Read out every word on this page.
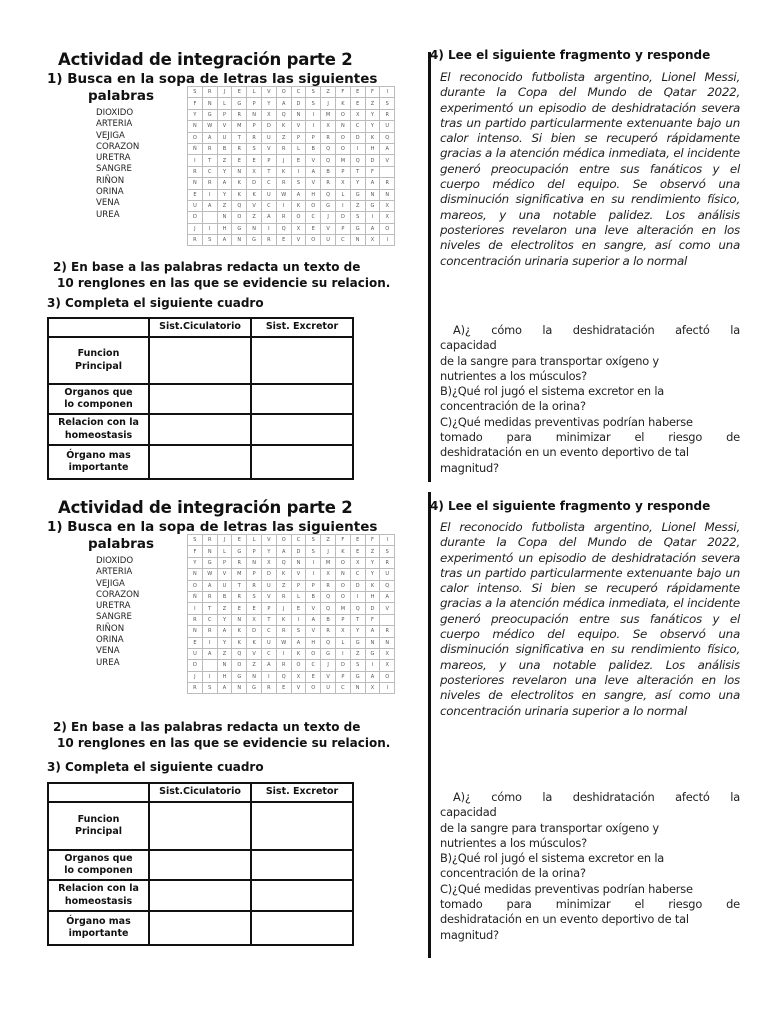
Actividad de integración parte 2
1) Busca en la sopa de letras las siguientes
palabras
DIOXIDO
ARTERIA
VEJIGA
CORAZON
URETRA
SANGRE
RIÑON
ORINA
VENA
UREA
S	R	J	E	L	V	O	C	S	Z	F	E	F	I
F	N	L	G	P	Y	A	D	S	J	K	E	Z	S
Y	G	P	R	N	X	Q	N	I	M	O	X	Y	R
N	W	V	M	P	D	K	V	I	X	N	C	Y	U
O	A	U	T	R	U	Z	P	P	R	O	D	K	Q
Ñ	R	B	R	S	V	R	L	B	Q	O	I	H	A
I	T	Z	E	E	P	J	E	V	Q	M	Q	D	V
R	C	Y	N	X	T	K	I	A	B	P	T	F	
N	R	A	K	D	C	R	S	V	R	X	Y	A	R
E	I	Y	K	K	U	W	A	H	Q	L	G	N	N
U	A	Z	Q	V	C	I	K	O	G	I	Z	G	X
D		N	O	Z	A	R	O	C	J	D	S	I	X
J	I	H	G	N	I	Q	X	E	V	P	G	A	O
R	S	A	N	G	R	E	V	O	U	C	N	X	I
2) En base a las palabras redacta un texto de
10 renglones en las que se evidencie su relacion.
3) Completa el siguiente cuadro
	Sist.Ciculatorio	Sist. Excretor
Funcion Principal		
Organos que lo componen		
Relacion con la homeostasis		
Órgano mas importante		
4) Lee el siguiente fragmento y responde
El reconocido futbolista argentino, Lionel Messi, durante la Copa del Mundo de Qatar 2022, experimentó un episodio de deshidratación severa tras un partido particularmente extenuante bajo un calor intenso. Si bien se recuperó rápidamente gracias a la atención médica inmediata, el incidente generó preocupación entre sus fanáticos y el cuerpo médico del equipo. Se observó una disminución significativa en su rendimiento físico, mareos, y una notable palidez. Los análisis posteriores revelaron una leve alteración en los niveles de electrolitos en sangre, así como una concentración urinaria superior a lo normal
A)¿ cómo la deshidratación afectó la
capacidad
de la sangre para transportar oxígeno y
nutrientes a los músculos?
B)¿Qué rol jugó el sistema excretor en la
concentración de la orina?
C)¿Qué medidas preventivas podrían haberse
tomado para minimizar el riesgo de
deshidratación en un evento deportivo de tal
magnitud?
Actividad de integración parte 2
1) Busca en la sopa de letras las siguientes
palabras
DIOXIDO
ARTERIA
VEJIGA
CORAZON
URETRA
SANGRE
RIÑON
ORINA
VENA
UREA
S	R	J	E	L	V	O	C	S	Z	F	E	F	I
F	N	L	G	P	Y	A	D	S	J	K	E	Z	S
Y	G	P	R	N	X	Q	N	I	M	O	X	Y	R
N	W	V	M	P	D	K	V	I	X	N	C	Y	U
O	A	U	T	R	U	Z	P	P	R	O	D	K	Q
Ñ	R	B	R	S	V	R	L	B	Q	O	I	H	A
I	T	Z	E	E	P	J	E	V	Q	M	Q	D	V
R	C	Y	N	X	T	K	I	A	B	P	T	F	
N	R	A	K	D	C	R	S	V	R	X	Y	A	R
E	I	Y	K	K	U	W	A	H	Q	L	G	N	N
U	A	Z	Q	V	C	I	K	O	G	I	Z	G	X
D		N	O	Z	A	R	O	C	J	D	S	I	X
J	I	H	G	N	I	Q	X	E	V	P	G	A	O
R	S	A	N	G	R	E	V	O	U	C	N	X	I
2) En base a las palabras redacta un texto de
10 renglones en las que se evidencie su relacion.
3) Completa el siguiente cuadro
	Sist.Ciculatorio	Sist. Excretor
Funcion Principal		
Organos que lo componen		
Relacion con la homeostasis		
Órgano mas importante		
4) Lee el siguiente fragmento y responde
El reconocido futbolista argentino, Lionel Messi, durante la Copa del Mundo de Qatar 2022, experimentó un episodio de deshidratación severa tras un partido particularmente extenuante bajo un calor intenso. Si bien se recuperó rápidamente gracias a la atención médica inmediata, el incidente generó preocupación entre sus fanáticos y el cuerpo médico del equipo. Se observó una disminución significativa en su rendimiento físico, mareos, y una notable palidez. Los análisis posteriores revelaron una leve alteración en los niveles de electrolitos en sangre, así como una concentración urinaria superior a lo normal
A)¿ cómo la deshidratación afectó la
capacidad
de la sangre para transportar oxígeno y
nutrientes a los músculos?
B)¿Qué rol jugó el sistema excretor en la
concentración de la orina?
C)¿Qué medidas preventivas podrían haberse
tomado para minimizar el riesgo de
deshidratación en un evento deportivo de tal
magnitud?
